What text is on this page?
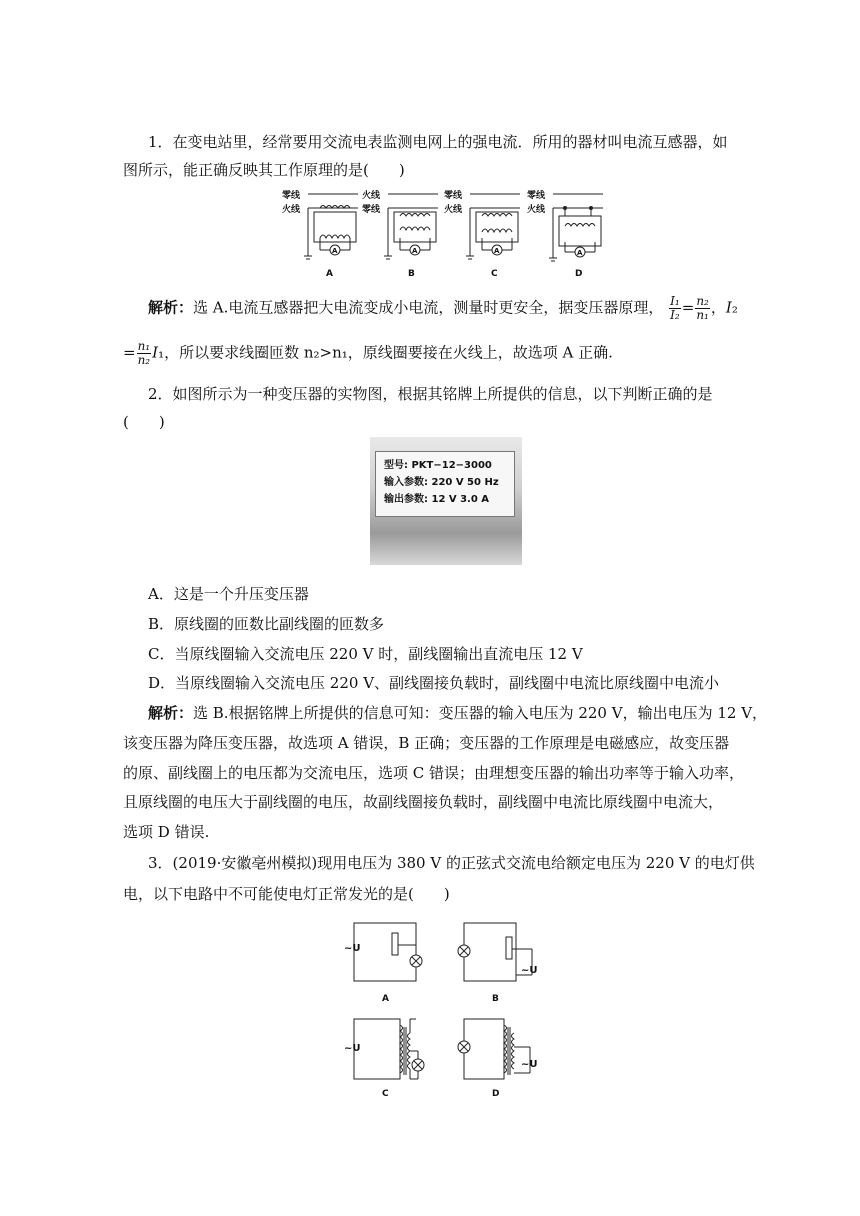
1．在变电站里，经常要用交流电表监测电网上的强电流．所用的器材叫电流互感器，如
图所示，能正确反映其工作原理的是(　　)
零线
火线
火线
零线
零线
火线
零线
火线
A	A	A	A
A	B	C	D
解析：选 A.电流互感器把大电流变成小电流，测量时更安全，据变压器原理， $\frac{\text{I₁}}{\text{I₂}} = \frac{\text{n₂}}{\text{n₁}}$ ，I₂
= $\frac{\text{n₁}}{\text{n₂}} I_1$，所以要求线圈匝数 n₂>n₁，原线圈要接在火线上，故选项 A 正确.
2．如图所示为一种变压器的实物图，根据其铭牌上所提供的信息，以下判断正确的是
(　　)
型号: PKT−12−3000
输入参数: 220 V 50 Hz
输出参数: 12 V 3.0 A
A．这是一个升压变压器
B．原线圈的匝数比副线圈的匝数多
C．当原线圈输入交流电压 220 V 时，副线圈输出直流电压 12 V
D．当原线圈输入交流电压 220 V、副线圈接负载时，副线圈中电流比原线圈中电流小
解析：选 B.根据铭牌上所提供的信息可知：变压器的输入电压为 220 V，输出电压为 12 V，
该变压器为降压变压器，故选项 A 错误，B 正确；变压器的工作原理是电磁感应，故变压器
的原、副线圈上的电压都为交流电压，选项 C 错误；由理想变压器的输出功率等于输入功率，
且原线圈的电压大于副线圈的电压，故副线圈接负载时，副线圈中电流比原线圈中电流大，
选项 D 错误.
3．(2019·安徽亳州模拟)现用电压为 380 V 的正弦式交流电给额定电压为 220 V 的电灯供
电，以下电路中不可能使电灯正常发光的是(　　)
~U
~U
~U
~U
A	B
C	D
